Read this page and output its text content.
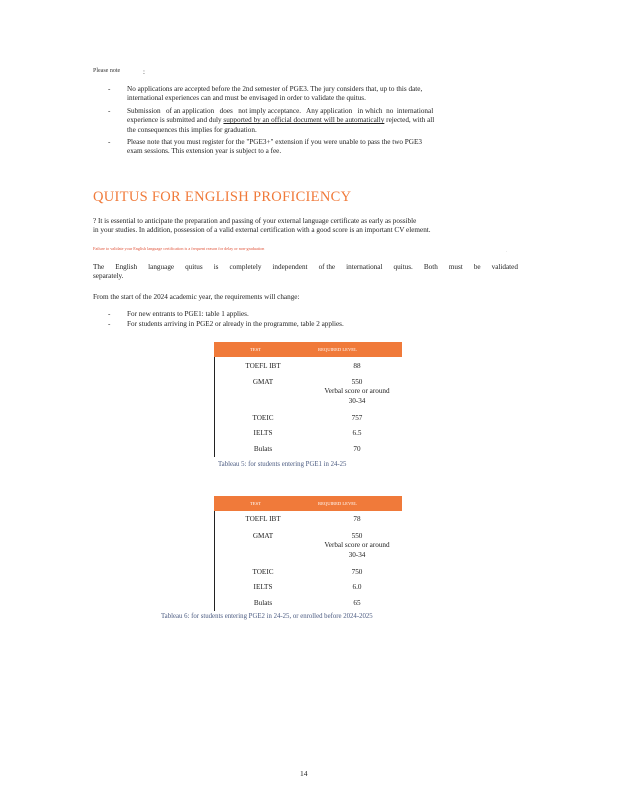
Please note	:
- No applications are accepted before the 2nd semester of PGE3. The jury considers that, up to this date,
international experiences can and must be envisaged in order to validate the quitus.
- Submission   of an application   does   not imply acceptance.   Any application   in which  no  international
experience is submitted and duly supported by an official document will be automatically rejected, with all
the consequences this implies for graduation.
- Please note that you must register for the "PGE3+" extension if you were unable to pass the two PGE3
exam sessions. This extension year is subject to a fee.
QUITUS FOR ENGLISH PROFICIENCY
? It is essential to anticipate the preparation and passing of your external language certificate as early as possible
in your studies. In addition, possession of a valid external certification with a good score is an important CV element.
Failure to validate your English language certification is a frequent reason for delay or non-graduation	.
The English language quitus is completely independent of the international quitus. Both must be validated
separately.
From the start of the 2024 academic year, the requirements will change:
- For new entrants to PGE1: table 1 applies.
- For students arriving in PGE2 or already in the programme, table 2 applies.
TEST	REQUIRED LEVEL
TOEFL IBT	88
GMAT	550
Verbal score or around
30-34
TOEIC	757
IELTS	6.5
Bulats	70
Tableau 5: for students entering PGE1 in 24-25
TEST	REQUIRED LEVEL
TOEFL IBT	78
GMAT	550
Verbal score or around
30-34
TOEIC	750
IELTS	6.0
Bulats	65
Tableau 6: for students entering PGE2 in 24-25, or enrolled before 2024-2025
14
